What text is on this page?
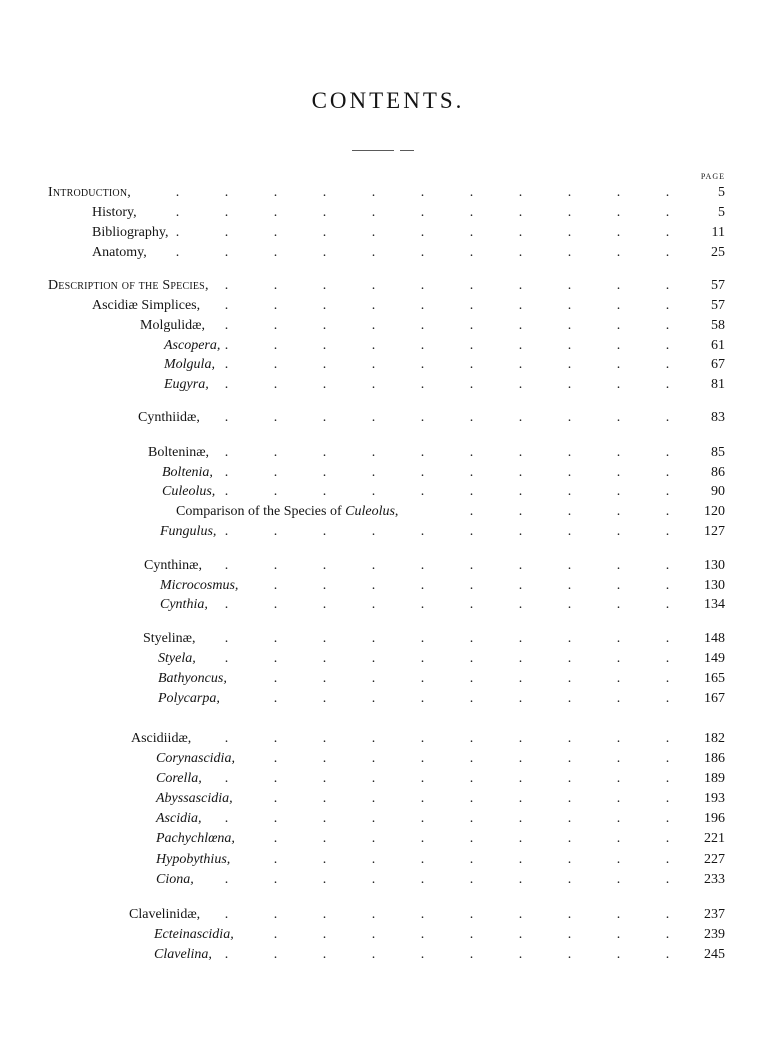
CONTENTS.
PAGE
Introduction,	.	.	.	.	.	.	.	.	.	.	.	5
History,	.	.	.	.	.	.	.	.	.	.	.	5
Bibliography, .	.	.	.	.	.	.	.	.	.	.	11
Anatomy,	.	.	.	.	.	.	.	.	.	.	.	25
Description of the Species,	.	.	.	.	.	.	.	.	.	.	57
Ascidiæ Simplices,	.	.	.	.	.	.	.	.	.	.	57
Molgulidæ,	.	.	.	.	.	.	.	.	.	.	58
Ascopera, .	.	.	.	.	.	.	.	.	.	61
Molgula, .	.	.	.	.	.	.	.	.	.	67
Eugyra,	.	.	.	.	.	.	.	.	.	.	81
Cynthiidæ,	.	.	.	.	.	.	.	.	.	.	83
Bolteninæ,	.	.	.	.	.	.	.	.	.	.	85
Boltenia, .	.	.	.	.	.	.	.	.	.	86
Culeolus, .	.	.	.	.	.	.	.	.	.	90
Comparison of the Species of Culeolus,	.	.	.	.	.	120
Fungulus, .	.	.	.	.	.	.	.	.	.	127
Cynthinæ,	.	.	.	.	.	.	.	.	.	.	130
Microcosmus,	.	.	.	.	.	.	.	.	.	130
Cynthia,	.	.	.	.	.	.	.	.	.	.	134
Styelinæ,	.	.	.	.	.	.	.	.	.	.	148
Styela,	.	.	.	.	.	.	.	.	.	.	149
Bathyoncus,	.	.	.	.	.	.	.	.	.	165
Polycarpa,	.	.	.	.	.	.	.	.	.	167
Ascidiidæ,	.	.	.	.	.	.	.	.	.	.	182
Corynascidia,	.	.	.	.	.	.	.	.	.	186
Corella,	.	.	.	.	.	.	.	.	.	.	189
Abyssascidia,	.	.	.	.	.	.	.	.	.	193
Ascidia,	.	.	.	.	.	.	.	.	.	.	196
Pachychlœna,	.	.	.	.	.	.	.	.	.	221
Hypobythius,	.	.	.	.	.	.	.	.	.	227
Ciona,	.	.	.	.	.	.	.	.	.	.	233
Clavelinidæ,	.	.	.	.	.	.	.	.	.	.	237
Ecteinascidia,	.	.	.	.	.	.	.	.	.	239
Clavelina, .	.	.	.	.	.	.	.	.	.	245
